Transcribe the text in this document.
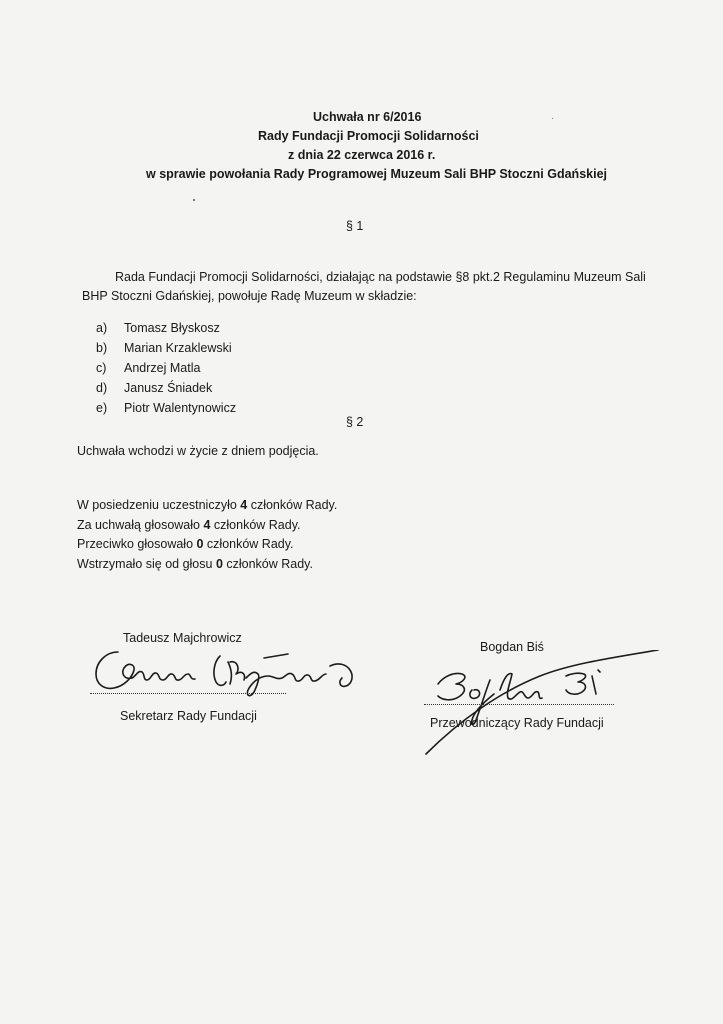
Uchwała nr 6/2016
Rady Fundacji Promocji Solidarności
z dnia 22 czerwca 2016 r.
w sprawie powołania Rady Programowej Muzeum Sali BHP Stoczni Gdańskiej
§ 1
Rada Fundacji Promocji Solidarności, działając na podstawie §8 pkt.2 Regulaminu Muzeum Sali
BHP Stoczni Gdańskiej, powołuje Radę Muzeum w składzie:
a) Tomasz Błyskosz
b) Marian Krzaklewski
c) Andrzej Matla
d) Janusz Śniadek
e) Piotr Walentynowicz
§ 2
Uchwała wchodzi w życie z dniem podjęcia.
W posiedzeniu uczestniczyło 4 członków Rady.
Za uchwałą głosowało 4 członków Rady.
Przeciwko głosowało 0 członków Rady.
Wstrzymało się od głosu 0 członków Rady.
Tadeusz Majchrowicz
Sekretarz Rady Fundacji
Bogdan Biś
Przewodniczący Rady Fundacji
